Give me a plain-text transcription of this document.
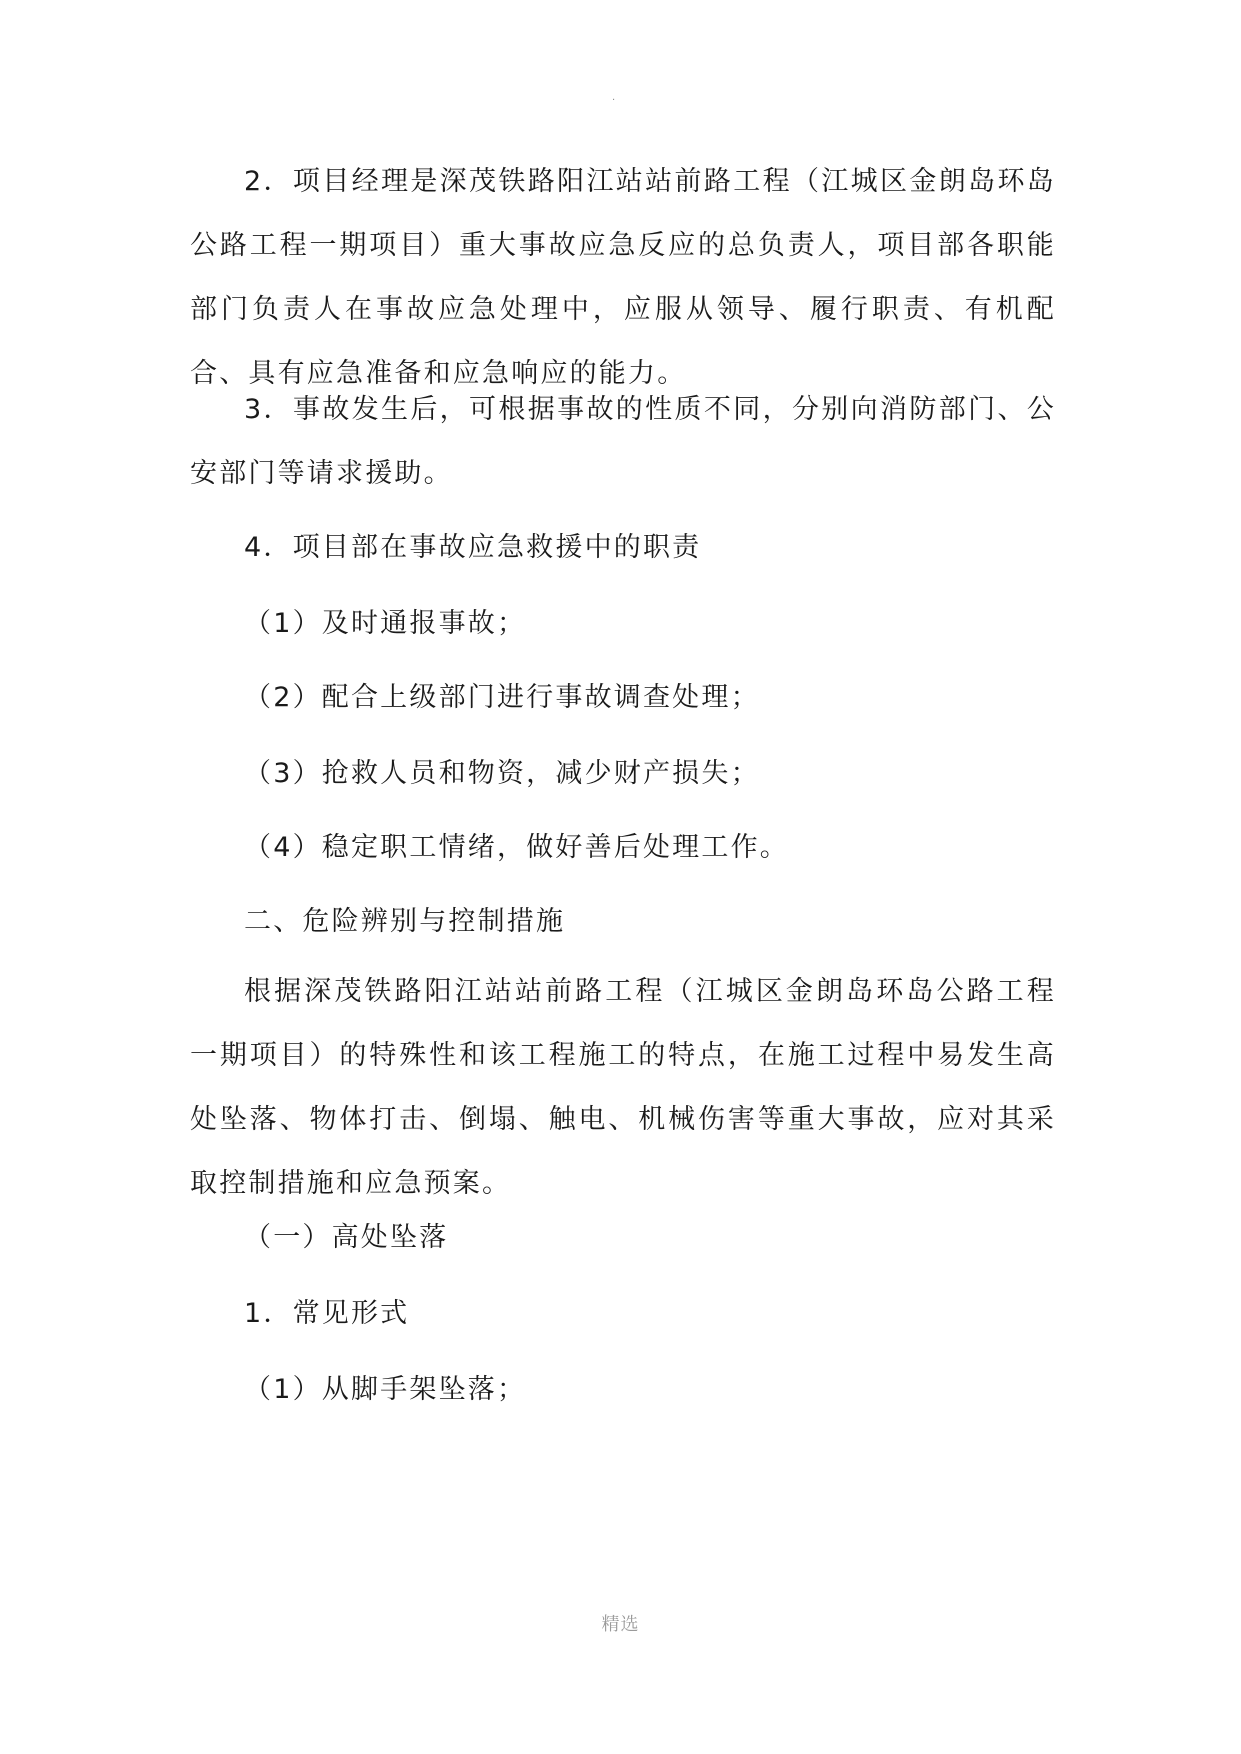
.

2．项目经理是深茂铁路阳江站站前路工程（江城区金朗岛环岛公路工程一期项目）重大事故应急反应的总负责人，项目部各职能部门负责人在事故应急处理中，应服从领导、履行职责、有机配合、具有应急准备和应急响应的能力。

3．事故发生后，可根据事故的性质不同，分别向消防部门、公安部门等请求援助。

4．项目部在事故应急救援中的职责

（1）及时通报事故；

（2）配合上级部门进行事故调查处理；

（3）抢救人员和物资，减少财产损失；

（4）稳定职工情绪，做好善后处理工作。

二、危险辨别与控制措施

根据深茂铁路阳江站站前路工程（江城区金朗岛环岛公路工程一期项目）的特殊性和该工程施工的特点，在施工过程中易发生高处坠落、物体打击、倒塌、触电、机械伤害等重大事故，应对其采取控制措施和应急预案。

（一）高处坠落

1．常见形式

（1）从脚手架坠落；

精选
